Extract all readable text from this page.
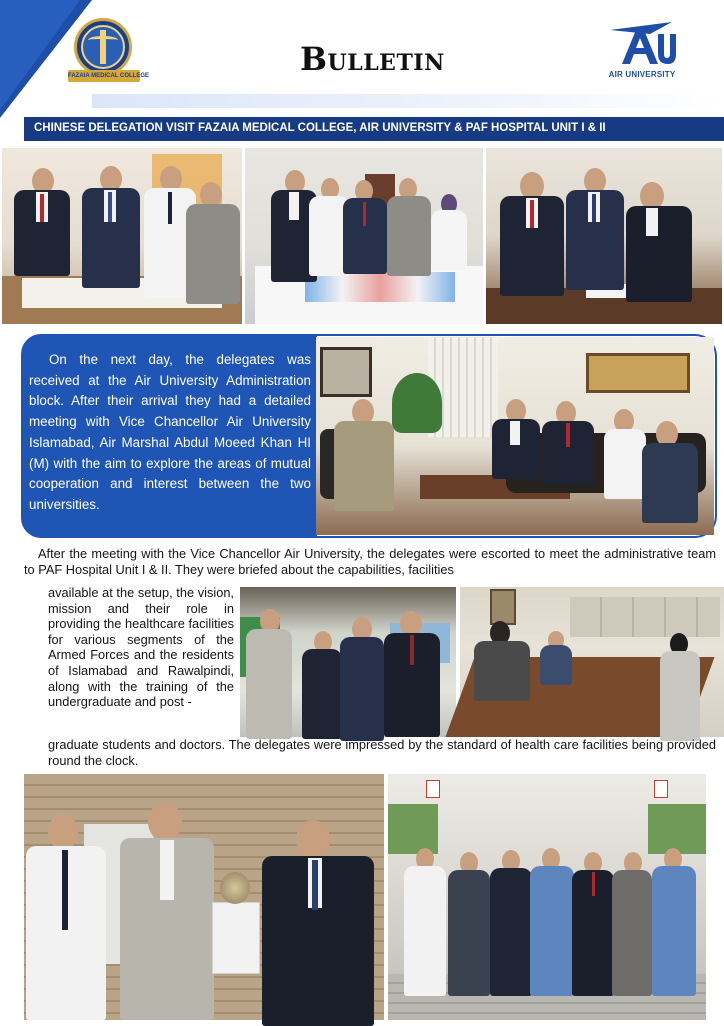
FAZAIA MEDICAL COLLEGE	BULLETIN	AIR UNIVERSITY
CHINESE DELEGATION VISIT FAZAIA MEDICAL COLLEGE, AIR UNIVERSITY & PAF HOSPITAL UNIT I & II

On the next day, the delegates was received at the Air University Administration block. After their arrival they had a detailed meeting with Vice Chancellor Air University Islamabad, Air Marshal Abdul Moeed Khan HI (M) with the aim to explore the areas of mutual cooperation and interest between the two universities.

After the meeting with the Vice Chancellor Air University, the delegates were escorted to meet the administrative team to PAF Hospital Unit I & II. They were briefed about the capabilities, facilities

available at the setup, the vision, mission and their role in providing the healthcare facilities for various segments of the Armed Forces and the residents of Islamabad and Rawalpindi, along with the training of the undergraduate and post -

graduate students and doctors. The delegates were impressed by the standard of health care facilities being provided round the clock.
